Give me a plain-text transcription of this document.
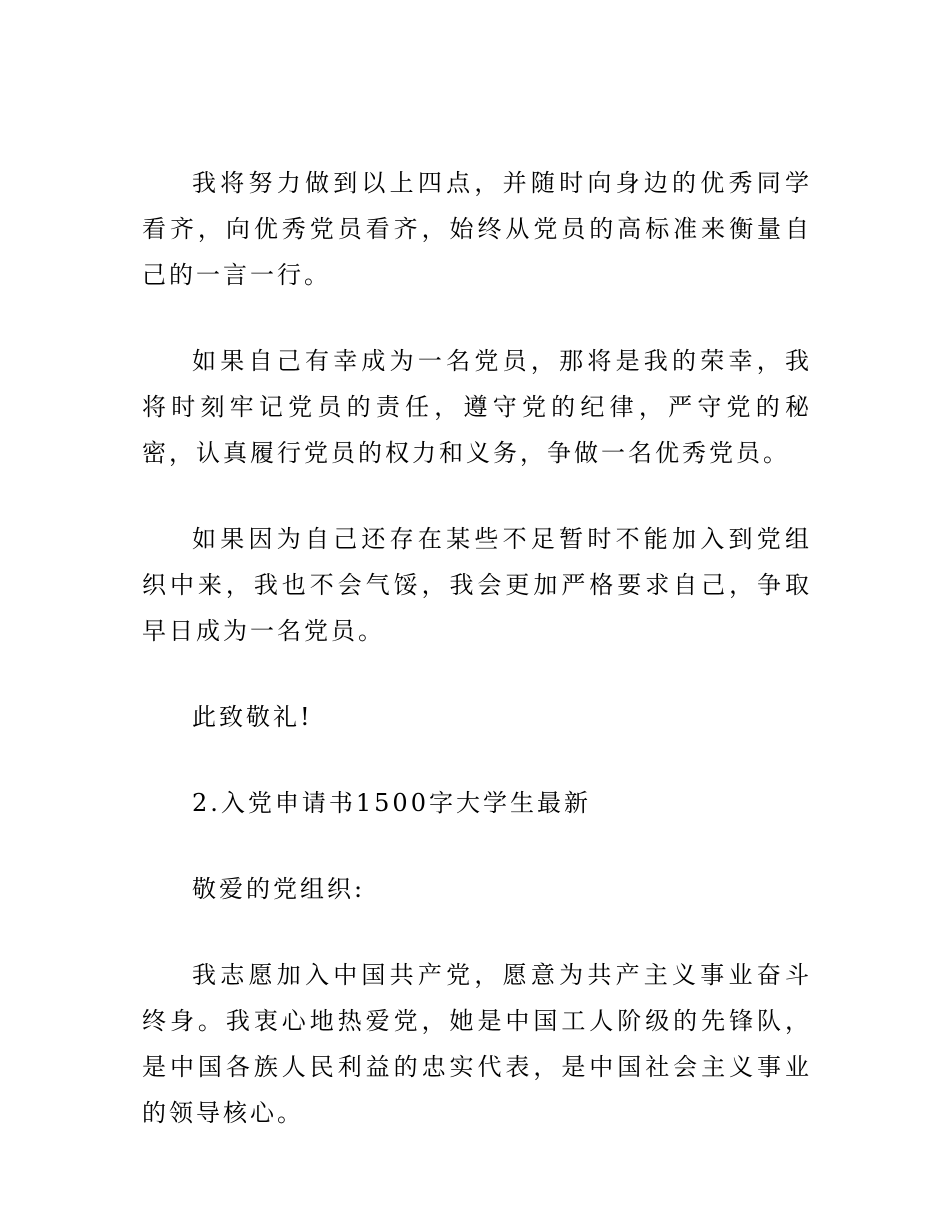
我将努力做到以上四点，并随时向身边的优秀同学看齐，向优秀党员看齐，始终从党员的高标准来衡量自己的一言一行。

如果自己有幸成为一名党员，那将是我的荣幸，我将时刻牢记党员的责任，遵守党的纪律，严守党的秘密，认真履行党员的权力和义务，争做一名优秀党员。

如果因为自己还存在某些不足暂时不能加入到党组织中来，我也不会气馁，我会更加严格要求自己，争取早日成为一名党员。

此致敬礼!

2.入党申请书1500字大学生最新

敬爱的党组织:

我志愿加入中国共产党，愿意为共产主义事业奋斗终身。我衷心地热爱党，她是中国工人阶级的先锋队，是中国各族人民利益的忠实代表，是中国社会主义事业的领导核心。
